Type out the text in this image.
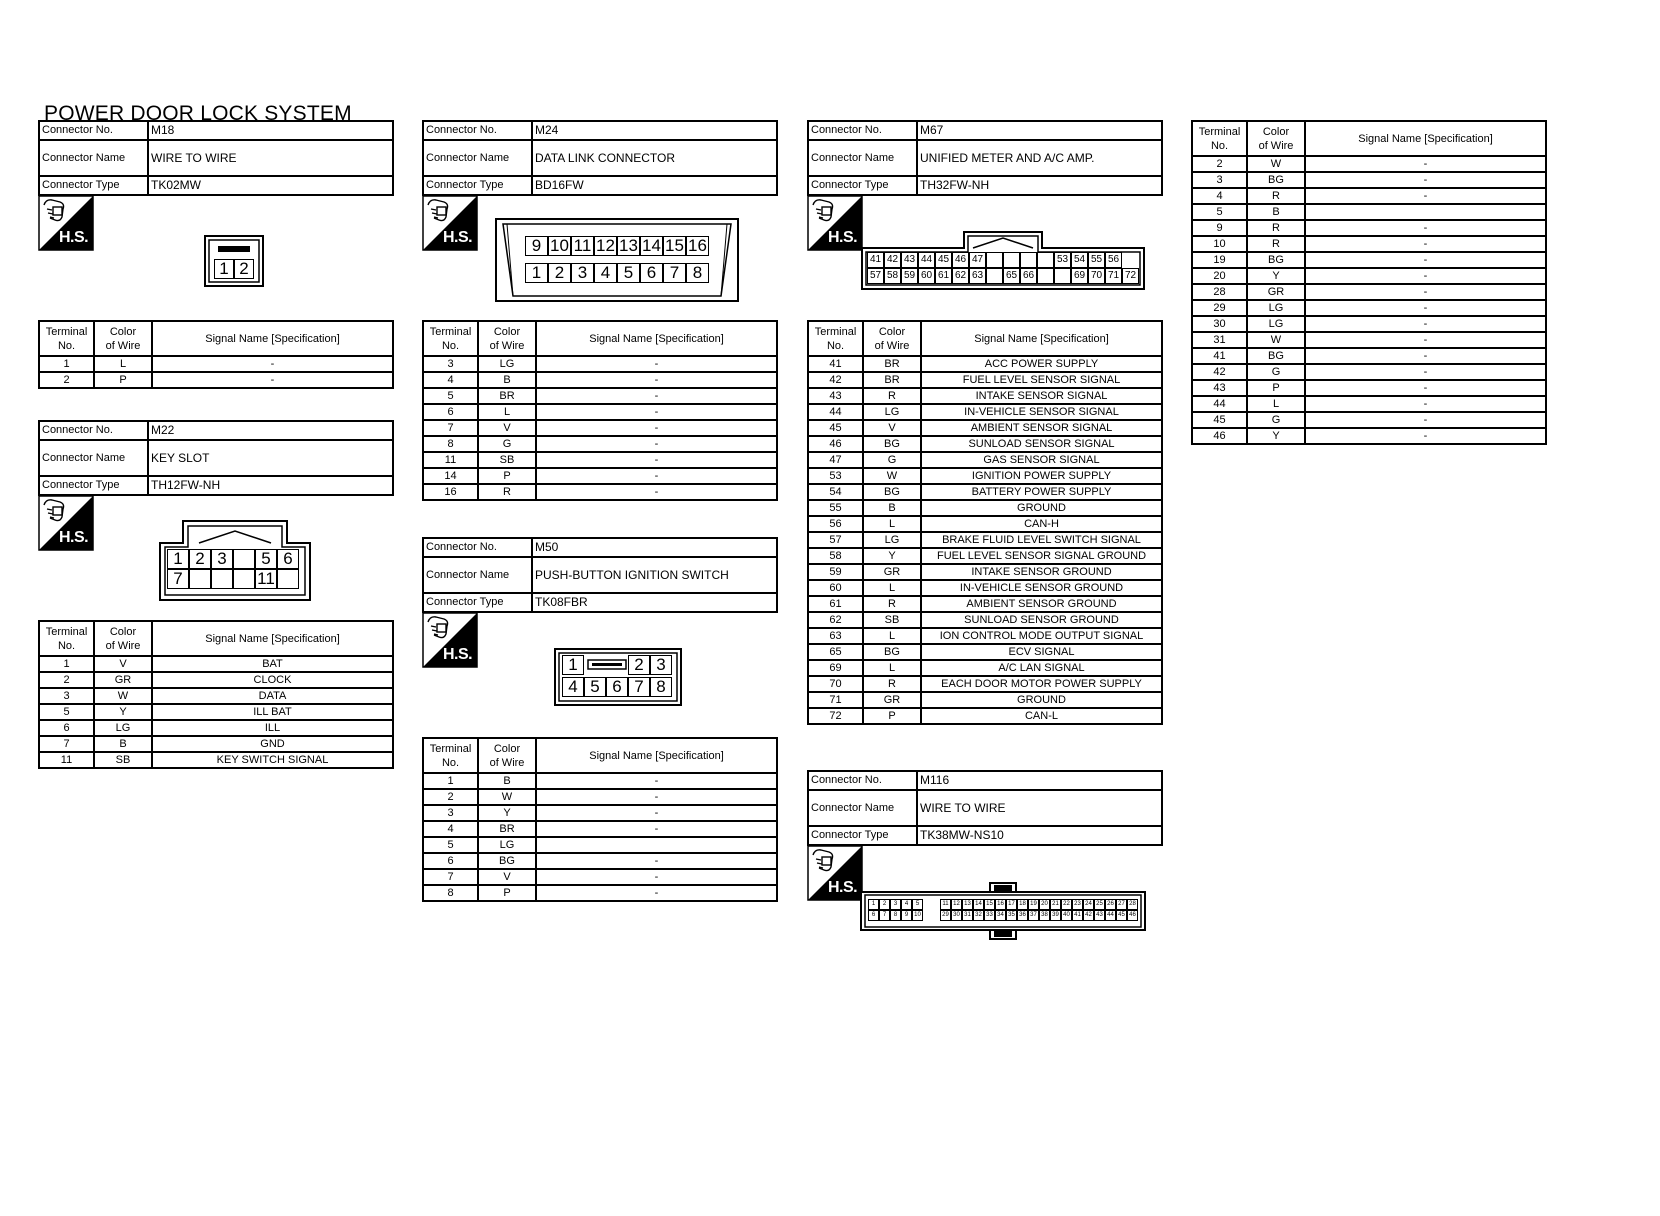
POWER DOOR LOCK SYSTEM
Connector No.	M18
Connector Name	WIRE TO WIRE
Connector Type	TK02MW
H.S.
1 2
Terminal
No.	Color
of Wire	Signal Name [Specification]
1	L	-
2	P	-
Connector No.	M22
Connector Name	KEY SLOT
Connector Type	TH12FW-NH
H.S.
1 2 3	5 6
7	11
Terminal
No.	Color
of Wire	Signal Name [Specification]
1	V	BAT
2	GR	CLOCK
3	W	DATA
5	Y	ILL BAT
6	LG	ILL
7	B	GND
11	SB	KEY SWITCH SIGNAL
Connector No.	M24
Connector Name	DATA LINK CONNECTOR
Connector Type	BD16FW
H.S.	9 10 11 12 13 14 15 16
1 2 3 4 5 6 7 8
Terminal
No.	Color
of Wire	Signal Name [Specification]
3	LG	-
4	B	-
5	BR	-
6	L	-
7	V	-
8	G	-
11	SB	-
14	P	-
16	R	-
Connector No.	M50
Connector Name	PUSH-BUTTON IGNITION SWITCH
Connector Type	TK08FBR
H.S.
1	2 3
4 5 6 7 8
Terminal
No.	Color
of Wire	Signal Name [Specification]
1	B	-
2	W	-
3	Y	-
4	BR	-
5	LG	
6	BG	-
7	V	-
8	P	-
Connector No.	M67
Connector Name	UNIFIED METER AND A/C AMP.
Connector Type	TH32FW-NH
H.S.
41 42 43 44 45 46 47	53 54 55 56
57 58 59 60 61 62 63 65 66	69 70 71 72
Terminal
No.	Color
of Wire	Signal Name [Specification]
41	BR	ACC POWER SUPPLY
42	BR	FUEL LEVEL SENSOR SIGNAL
43	R	INTAKE SENSOR SIGNAL
44	LG	IN-VEHICLE SENSOR SIGNAL
45	V	AMBIENT SENSOR SIGNAL
46	BG	SUNLOAD SENSOR SIGNAL
47	G	GAS SENSOR SIGNAL
53	W	IGNITION POWER SUPPLY
54	BG	BATTERY POWER SUPPLY
55	B	GROUND
56	L	CAN-H
57	LG	BRAKE FLUID LEVEL SWITCH SIGNAL
58	Y	FUEL LEVEL SENSOR SIGNAL GROUND
59	GR	INTAKE SENSOR GROUND
60	L	IN-VEHICLE SENSOR GROUND
61	R	AMBIENT SENSOR GROUND
62	SB	SUNLOAD SENSOR GROUND
63	L	ION CONTROL MODE OUTPUT SIGNAL
65	BG	ECV SIGNAL
69	L	A/C LAN SIGNAL
70	R	EACH DOOR MOTOR POWER SUPPLY
71	GR	GROUND
72	P	CAN-L
Connector No.	M116
Connector Name	WIRE TO WIRE
Connector Type	TK38MW-NS10
H.S.
1	2	3	4	5
6	7	8	9 10
11 12 13 14 15 16 17 18 19 20 21 22 23 24 25 26 27 28
29 30 31 32 33 34 35 36 37 38 39 40 41 42 43 44 45 46
Terminal
No.	Color
of Wire	Signal Name [Specification]
2	W	-
3	BG	-
4	R	-
5	B	
9	R	-
10	R	-
19	BG	-
20	Y	-
28	GR	-
29	LG	-
30	LG	-
31	W	-
41	BG	-
42	G	-
43	P	-
44	L	-
45	G	-
46	Y	-
